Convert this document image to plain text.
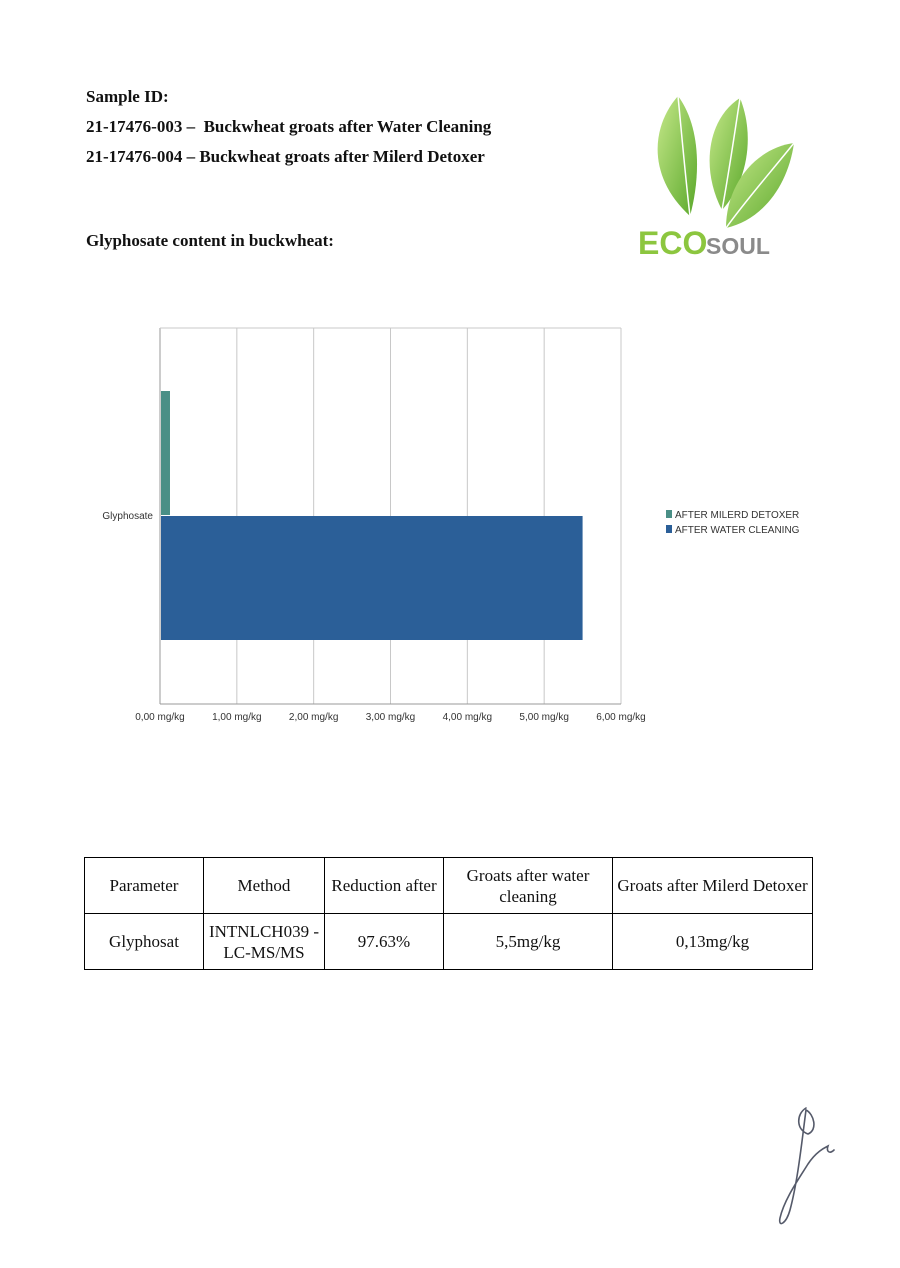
Sample ID:
21-17476-003 –  Buckwheat groats after Water Cleaning
21-17476-004 – Buckwheat groats after Milerd Detoxer
Glyphosate content in buckwheat:	ECO
SOUL
0,00 mg/kg	1,00 mg/kg	2,00 mg/kg	3,00 mg/kg	4,00 mg/kg	5,00 mg/kg	6,00 mg/kg
Glyphosate	AFTER MILERD DETOXER
AFTER WATER CLEANING
Parameter	Method	Reduction after	Groats after water cleaning	Groats after Milerd Detoxer
Glyphosat	INTNLCH039 - LC-MS/MS	97.63%	5,5mg/kg	0,13mg/kg
